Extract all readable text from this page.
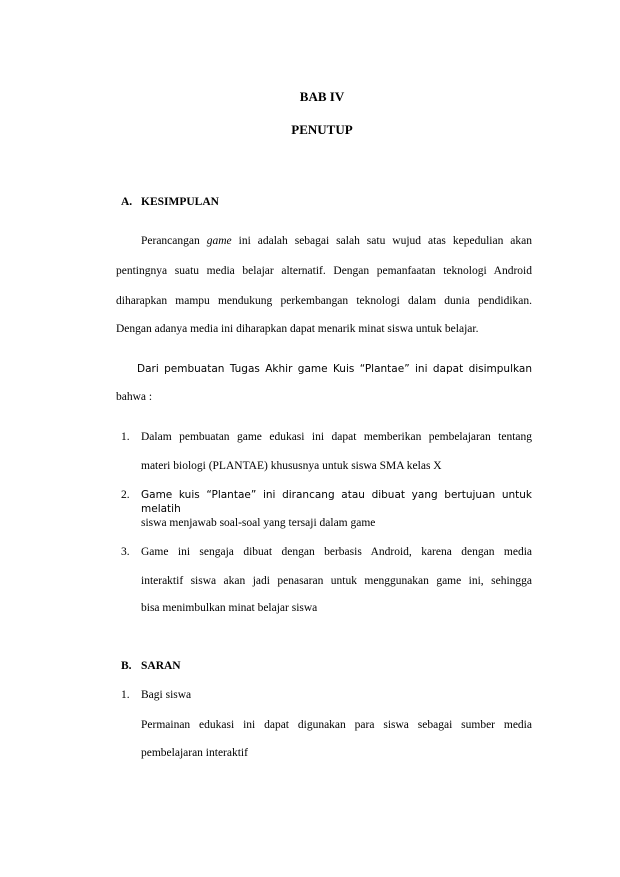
BAB IV
PENUTUP
A. KESIMPULAN
Perancangan game ini adalah sebagai salah satu wujud atas kepedulian akan
pentingnya suatu media belajar alternatif. Dengan pemanfaatan teknologi Android
diharapkan mampu mendukung perkembangan teknologi dalam dunia pendidikan.
Dengan adanya media ini diharapkan dapat menarik minat siswa untuk belajar.
Dari pembuatan Tugas Akhir game Kuis “Plantae” ini dapat disimpulkan
bahwa :
1. Dalam pembuatan game edukasi ini dapat memberikan pembelajaran tentang
materi biologi (PLANTAE) khususnya untuk siswa SMA kelas X
2. Game kuis “Plantae” ini dirancang atau dibuat yang bertujuan untuk melatih
siswa menjawab soal-soal yang tersaji dalam game
3. Game ini sengaja dibuat dengan berbasis Android, karena dengan media
interaktif siswa akan jadi penasaran untuk menggunakan game ini, sehingga
bisa menimbulkan minat belajar siswa
B. SARAN
1. Bagi siswa
Permainan edukasi ini dapat digunakan para siswa sebagai sumber media
pembelajaran interaktif
